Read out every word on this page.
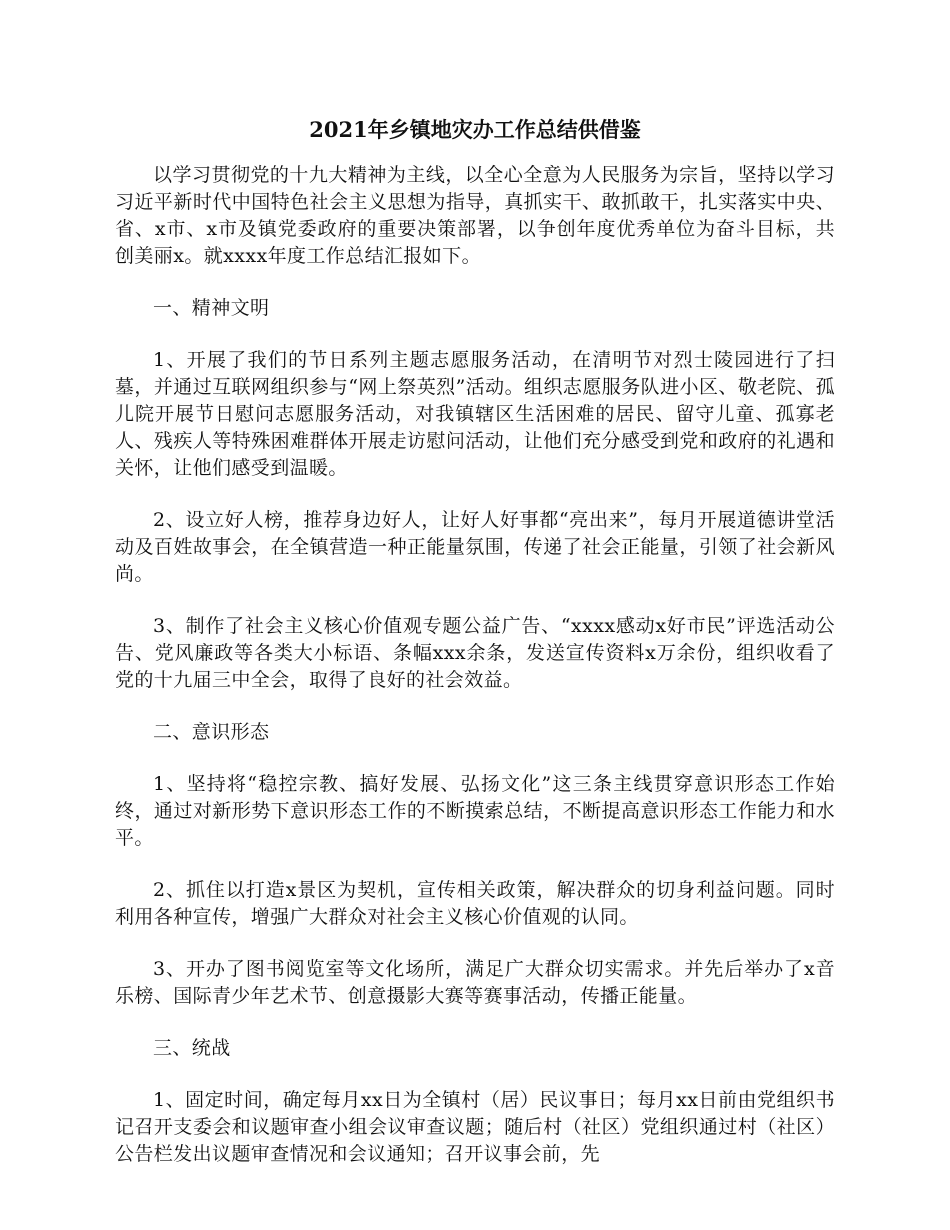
2021年乡镇地灾办工作总结供借鉴

以学习贯彻党的十九大精神为主线，以全心全意为人民服务为宗旨，坚持以学习习近平新时代中国特色社会主义思想为指导，真抓实干、敢抓敢干，扎实落实中央、省、x市、x市及镇党委政府的重要决策部署，以争创年度优秀单位为奋斗目标，共创美丽x。就xxxx年度工作总结汇报如下。

一、精神文明

1、开展了我们的节日系列主题志愿服务活动，在清明节对烈士陵园进行了扫墓，并通过互联网组织参与“网上祭英烈”活动。组织志愿服务队进小区、敬老院、孤儿院开展节日慰问志愿服务活动，对我镇辖区生活困难的居民、留守儿童、孤寡老人、残疾人等特殊困难群体开展走访慰问活动，让他们充分感受到党和政府的礼遇和关怀，让他们感受到温暖。

2、设立好人榜，推荐身边好人，让好人好事都“亮出来”，每月开展道德讲堂活动及百姓故事会，在全镇营造一种正能量氛围，传递了社会正能量，引领了社会新风尚。

3、制作了社会主义核心价值观专题公益广告、“xxxx感动x好市民”评选活动公告、党风廉政等各类大小标语、条幅xxx余条，发送宣传资料x万余份，组织收看了党的十九届三中全会，取得了良好的社会效益。

二、意识形态

1、坚持将“稳控宗教、搞好发展、弘扬文化”这三条主线贯穿意识形态工作始终，通过对新形势下意识形态工作的不断摸索总结，不断提高意识形态工作能力和水平。

2、抓住以打造x景区为契机，宣传相关政策，解决群众的切身利益问题。同时利用各种宣传，增强广大群众对社会主义核心价值观的认同。

3、开办了图书阅览室等文化场所，满足广大群众切实需求。并先后举办了x音乐榜、国际青少年艺术节、创意摄影大赛等赛事活动，传播正能量。

三、统战

1、固定时间，确定每月xx日为全镇村（居）民议事日；每月xx日前由党组织书记召开支委会和议题审查小组会议审查议题；随后村（社区）党组织通过村（社区）公告栏发出议题审查情况和会议通知；召开议事会前，先
